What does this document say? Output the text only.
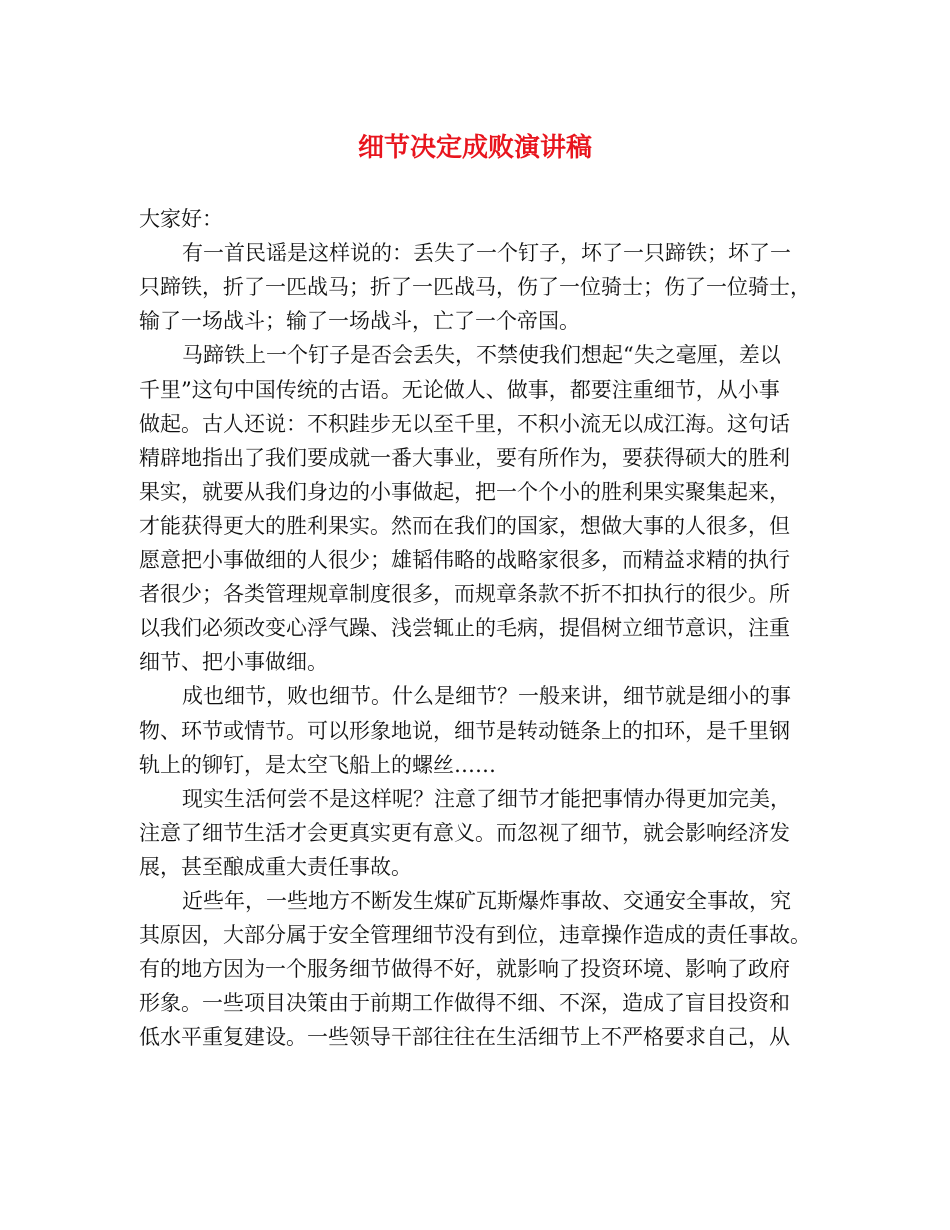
细节决定成败演讲稿
大家好：
有一首民谣是这样说的：丢失了一个钉子，坏了一只蹄铁；坏了一
只蹄铁，折了一匹战马；折了一匹战马，伤了一位骑士；伤了一位骑士，
输了一场战斗；输了一场战斗，亡了一个帝国。
马蹄铁上一个钉子是否会丢失，不禁使我们想起“失之毫厘，差以
千里”这句中国传统的古语。无论做人、做事，都要注重细节，从小事
做起。古人还说：不积跬步无以至千里，不积小流无以成江海。这句话
精辟地指出了我们要成就一番大事业，要有所作为，要获得硕大的胜利
果实，就要从我们身边的小事做起，把一个个小的胜利果实聚集起来，
才能获得更大的胜利果实。然而在我们的国家，想做大事的人很多，但
愿意把小事做细的人很少；雄韬伟略的战略家很多，而精益求精的执行
者很少；各类管理规章制度很多，而规章条款不折不扣执行的很少。所
以我们必须改变心浮气躁、浅尝辄止的毛病，提倡树立细节意识，注重
细节、把小事做细。
成也细节，败也细节。什么是细节？一般来讲，细节就是细小的事
物、环节或情节。可以形象地说，细节是转动链条上的扣环，是千里钢
轨上的铆钉，是太空飞船上的螺丝……
现实生活何尝不是这样呢？注意了细节才能把事情办得更加完美，
注意了细节生活才会更真实更有意义。而忽视了细节，就会影响经济发
展，甚至酿成重大责任事故。
近些年，一些地方不断发生煤矿瓦斯爆炸事故、交通安全事故，究
其原因，大部分属于安全管理细节没有到位，违章操作造成的责任事故。
有的地方因为一个服务细节做得不好，就影响了投资环境、影响了政府
形象。一些项目决策由于前期工作做得不细、不深，造成了盲目投资和
低水平重复建设。一些领导干部往往在生活细节上不严格要求自己，从
